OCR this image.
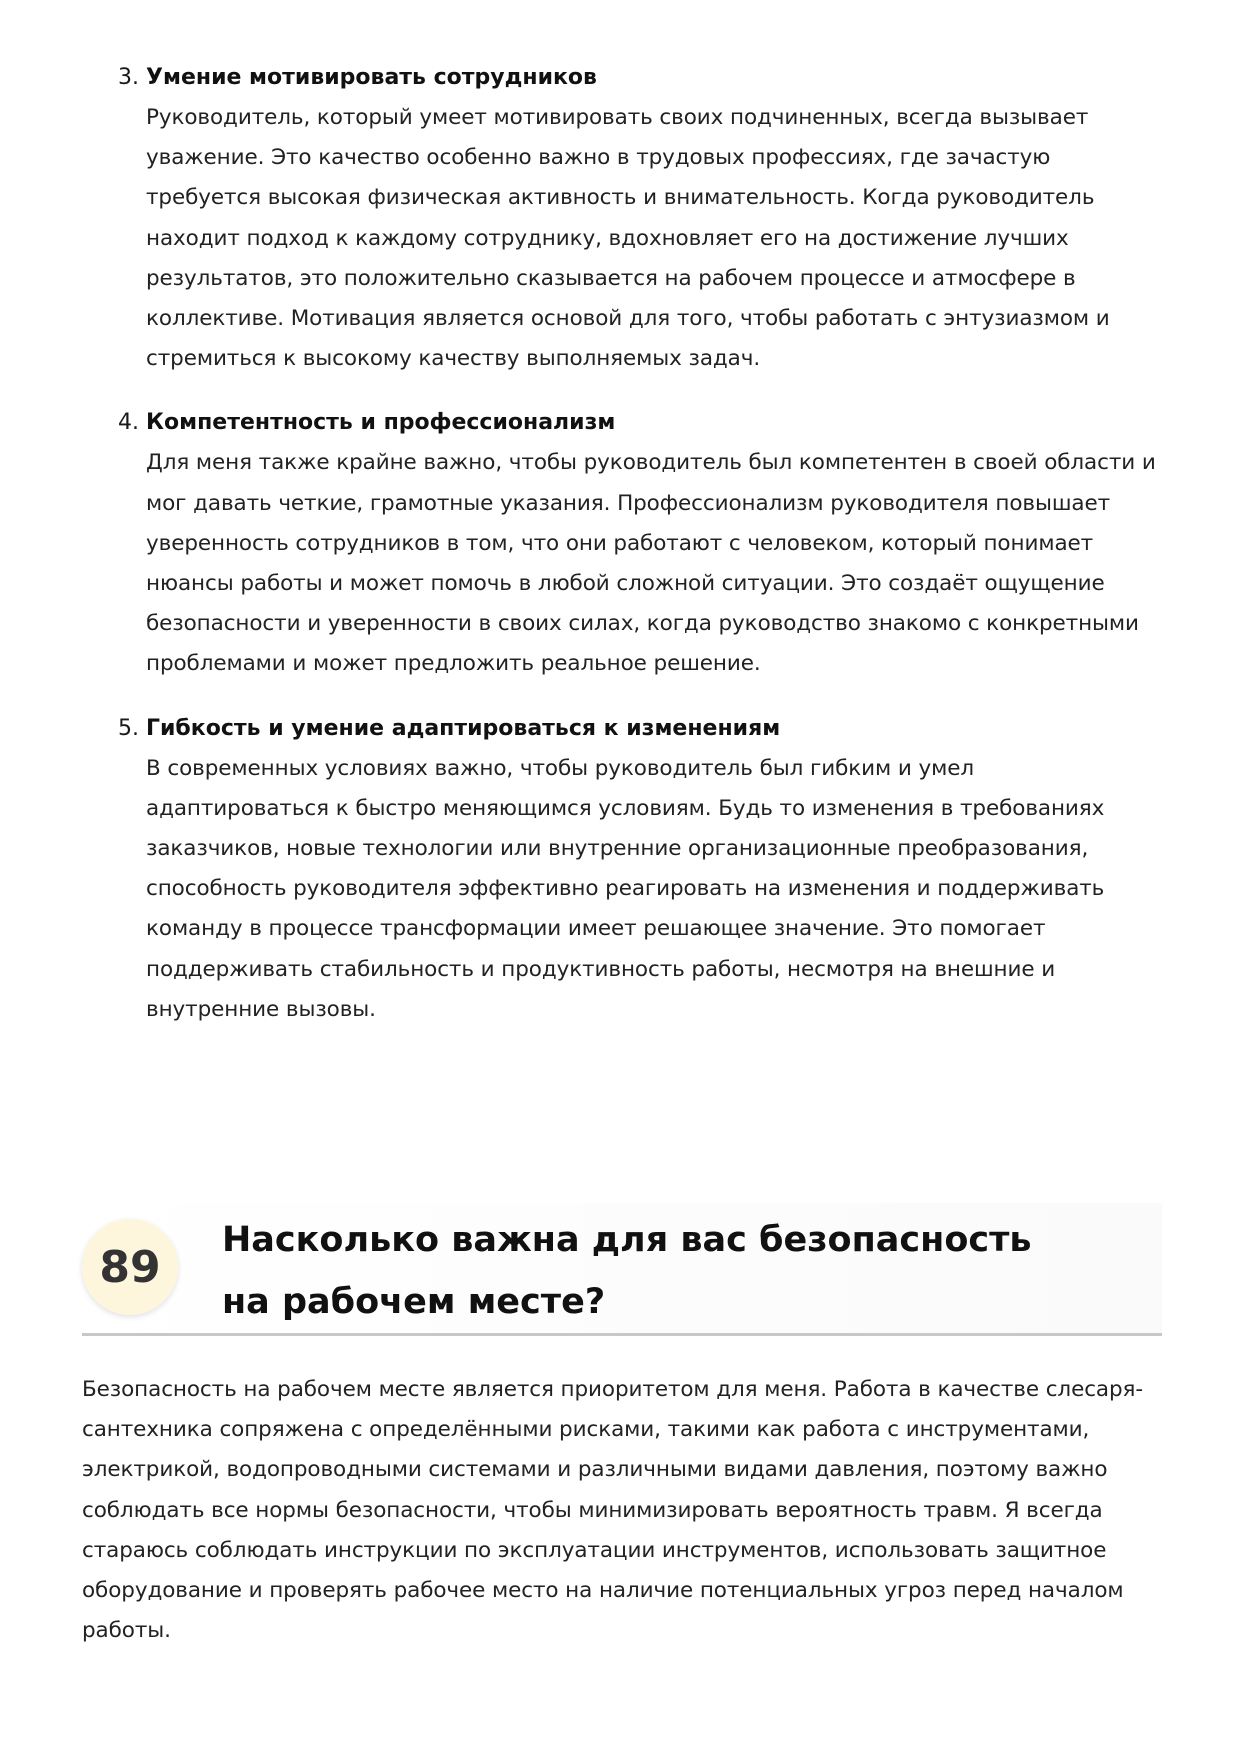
3. Умение мотивировать сотрудников
Руководитель, который умеет мотивировать своих подчиненных, всегда вызывает уважение. Это качество особенно важно в трудовых профессиях, где зачастую требуется высокая физическая активность и внимательность. Когда руководитель находит подход к каждому сотруднику, вдохновляет его на достижение лучших результатов, это положительно сказывается на рабочем процессе и атмосфере в коллективе. Мотивация является основой для того, чтобы работать с энтузиазмом и стремиться к высокому качеству выполняемых задач.
4. Компетентность и профессионализм
Для меня также крайне важно, чтобы руководитель был компетентен в своей области и мог давать четкие, грамотные указания. Профессионализм руководителя повышает уверенность сотрудников в том, что они работают с человеком, который понимает нюансы работы и может помочь в любой сложной ситуации. Это создаёт ощущение безопасности и уверенности в своих силах, когда руководство знакомо с конкретными проблемами и может предложить реальное решение.
5. Гибкость и умение адаптироваться к изменениям
В современных условиях важно, чтобы руководитель был гибким и умел адаптироваться к быстро меняющимся условиям. Будь то изменения в требованиях заказчиков, новые технологии или внутренние организационные преобразования, способность руководителя эффективно реагировать на изменения и поддерживать команду в процессе трансформации имеет решающее значение. Это помогает поддерживать стабильность и продуктивность работы, несмотря на внешние и внутренние вызовы.
89
Насколько важна для вас безопасность на рабочем месте?
Безопасность на рабочем месте является приоритетом для меня. Работа в качестве слесаря-сантехника сопряжена с определёнными рисками, такими как работа с инструментами, электрикой, водопроводными системами и различными видами давления, поэтому важно соблюдать все нормы безопасности, чтобы минимизировать вероятность травм. Я всегда стараюсь соблюдать инструкции по эксплуатации инструментов, использовать защитное оборудование и проверять рабочее место на наличие потенциальных угроз перед началом работы.
